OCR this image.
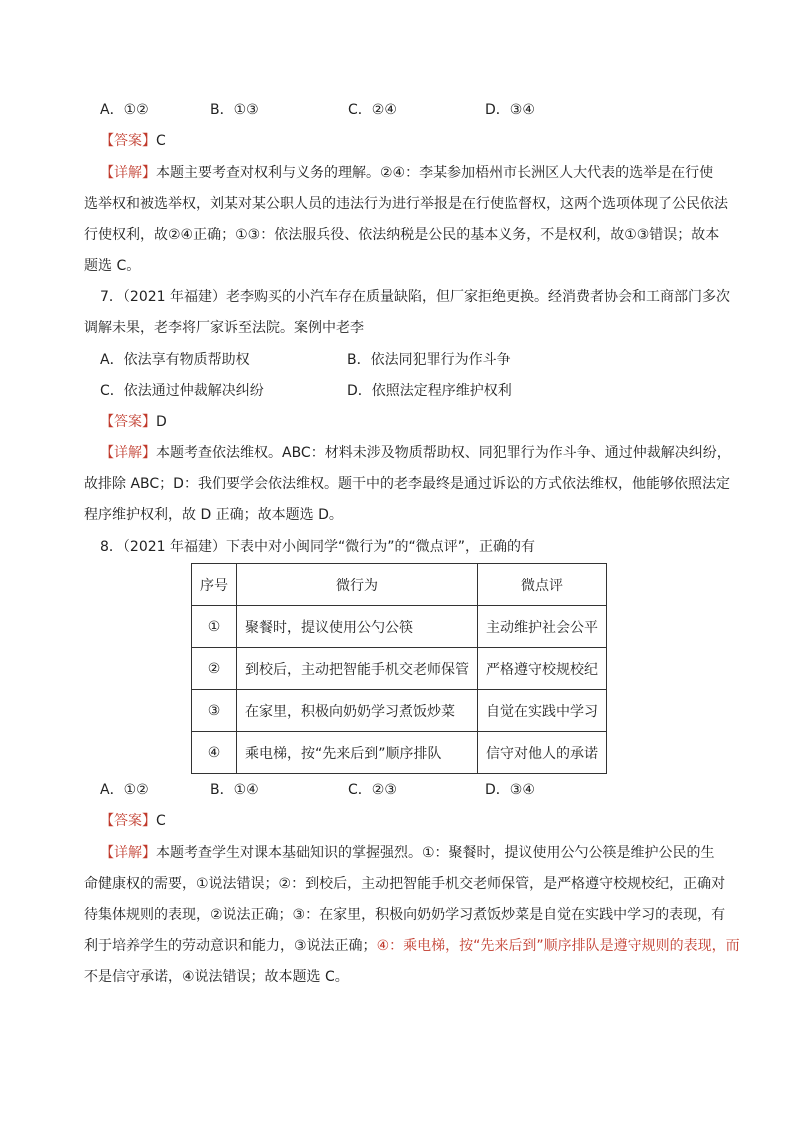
A．①②	B．①③	C．②④	D．③④
【答案】C
【详解】本题主要考查对权利与义务的理解。②④：李某参加梧州市长洲区人大代表的选举是在行使
选举权和被选举权，刘某对某公职人员的违法行为进行举报是在行使监督权，这两个选项体现了公民依法
行使权利，故②④正确；①③：依法服兵役、依法纳税是公民的基本义务，不是权利，故①③错误；故本
题选 C。
7．（2021 年福建）老李购买的小汽车存在质量缺陷，但厂家拒绝更换。经消费者协会和工商部门多次
调解未果，老李将厂家诉至法院。案例中老李
A．依法享有物质帮助权	B．依法同犯罪行为作斗争
C．依法通过仲裁解决纠纷	D．依照法定程序维护权利
【答案】D
【详解】本题考查依法维权。ABC：材料未涉及物质帮助权、同犯罪行为作斗争、通过仲裁解决纠纷，
故排除 ABC；D：我们要学会依法维权。题干中的老李最终是通过诉讼的方式依法维权，他能够依照法定
程序维护权利，故 D 正确；故本题选 D。
8．（2021 年福建）下表中对小闽同学“微行为”的“微点评”，正确的有
序号	微行为	微点评
①	聚餐时，提议使用公勺公筷	主动维护社会公平
②	到校后，主动把智能手机交老师保管	严格遵守校规校纪
③	在家里，积极向奶奶学习煮饭炒菜	自觉在实践中学习
④	乘电梯，按“先来后到”顺序排队	信守对他人的承诺
A．①②	B．①④	C．②③	D．③④
【答案】C
【详解】本题考查学生对课本基础知识的掌握强烈。①：聚餐时，提议使用公勺公筷是维护公民的生
命健康权的需要，①说法错误；②：到校后，主动把智能手机交老师保管，是严格遵守校规校纪，正确对
待集体规则的表现，②说法正确；③：在家里，积极向奶奶学习煮饭炒菜是自觉在实践中学习的表现，有
利于培养学生的劳动意识和能力，③说法正确；④：乘电梯，按“先来后到”顺序排队是遵守规则的表现，而
不是信守承诺，④说法错误；故本题选 C。
